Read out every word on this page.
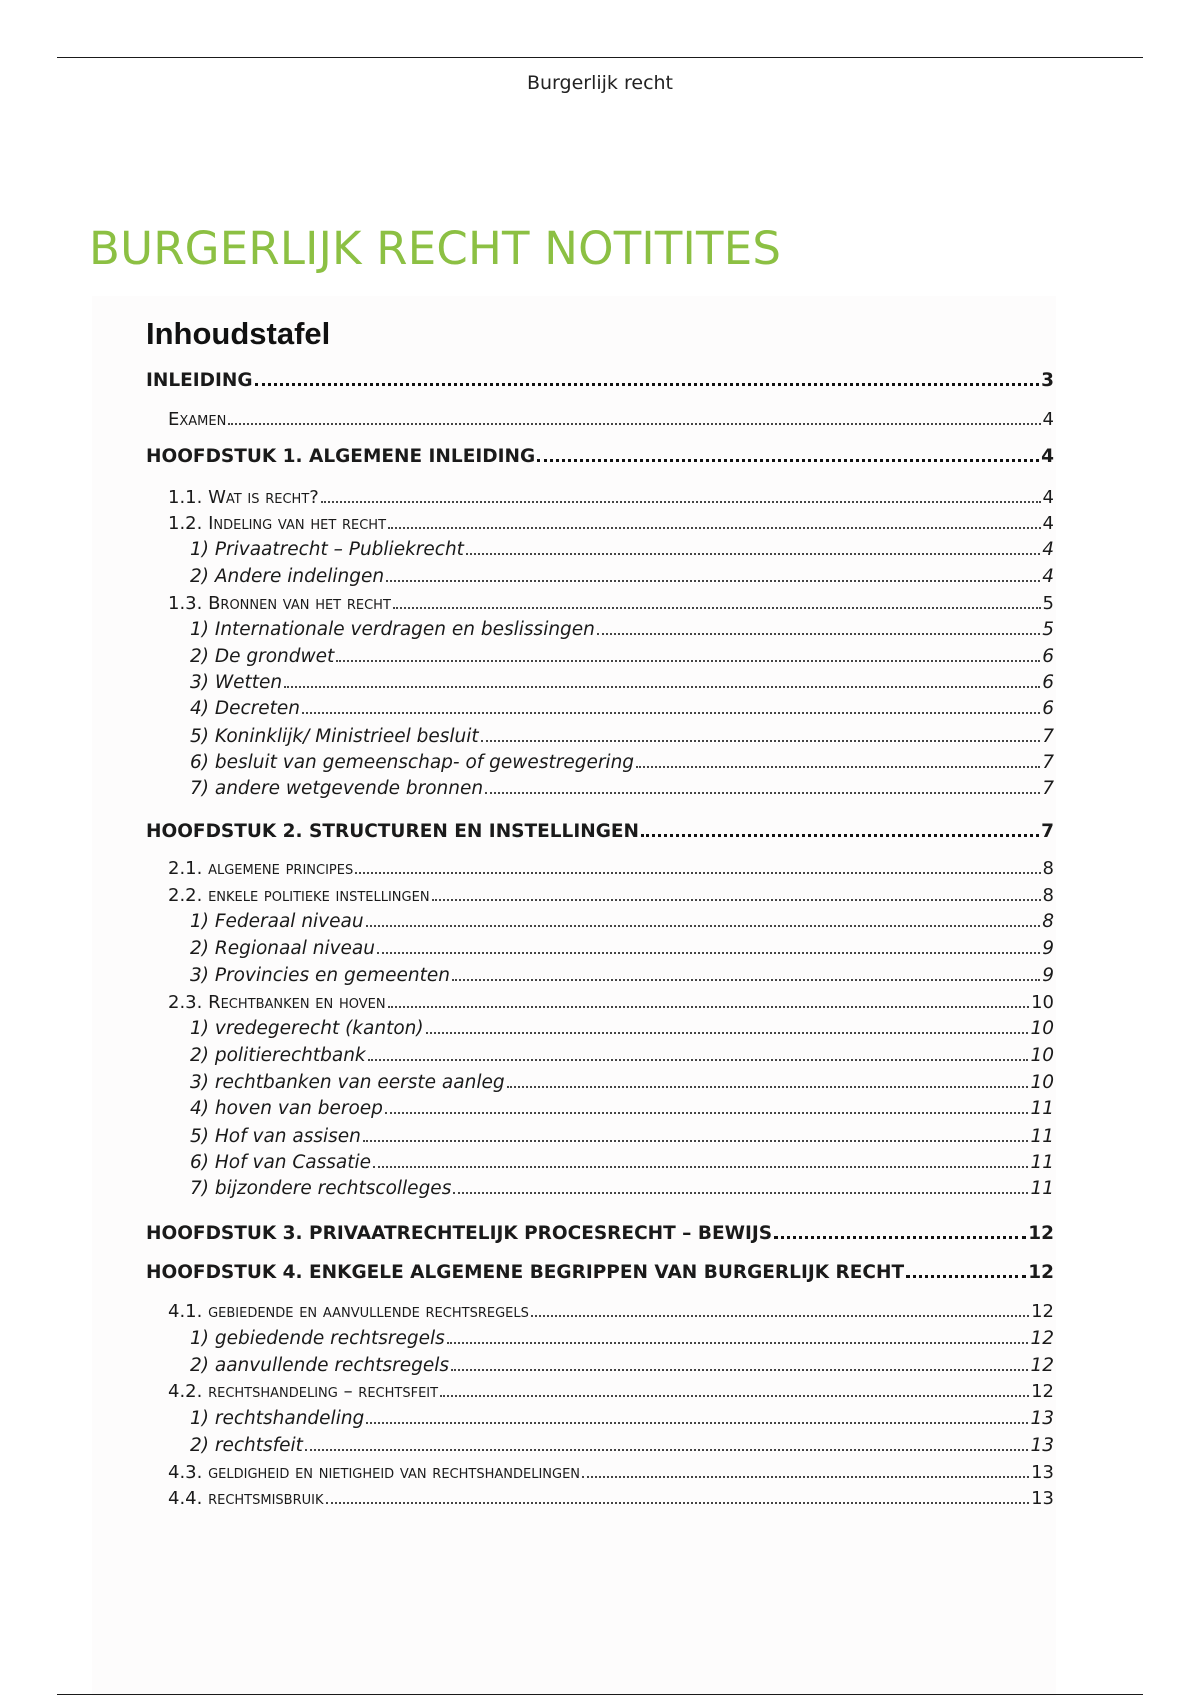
Burgerlijk recht
BURGERLIJK RECHT NOTITITES
Inhoudstafel
INLEIDING	3
Examen	4
HOOFDSTUK 1. ALGEMENE INLEIDING	4
1.1. Wat is recht?	4
1.2. Indeling van het recht	4
1) Privaatrecht – Publiekrecht	4
2) Andere indelingen	4
1.3. Bronnen van het recht	5
1) Internationale verdragen en beslissingen	5
2) De grondwet	6
3) Wetten	6
4) Decreten	6
5) Koninklijk/ Ministrieel besluit	7
6) besluit van gemeenschap- of gewestregering	7
7) andere wetgevende bronnen	7
HOOFDSTUK 2. STRUCTUREN EN INSTELLINGEN	7
2.1. algemene principes	8
2.2. enkele politieke instellingen	8
1) Federaal niveau	8
2) Regionaal niveau	9
3) Provincies en gemeenten	9
2.3. Rechtbanken en hoven	10
1) vredegerecht (kanton)	10
2) politierechtbank	10
3) rechtbanken van eerste aanleg	10
4) hoven van beroep	11
5) Hof van assisen	11
6) Hof van Cassatie	11
7) bijzondere rechtscolleges	11
HOOFDSTUK 3. PRIVAATRECHTELIJK PROCESRECHT – BEWIJS	12
HOOFDSTUK 4. ENKGELE ALGEMENE BEGRIPPEN VAN BURGERLIJK RECHT	12
4.1. gebiedende en aanvullende rechtsregels	12
1) gebiedende rechtsregels	12
2) aanvullende rechtsregels	12
4.2. rechtshandeling – rechtsfeit	12
1) rechtshandeling	13
2) rechtsfeit	13
4.3. geldigheid en nietigheid van rechtshandelingen	13
4.4. rechtsmisbruik	13
